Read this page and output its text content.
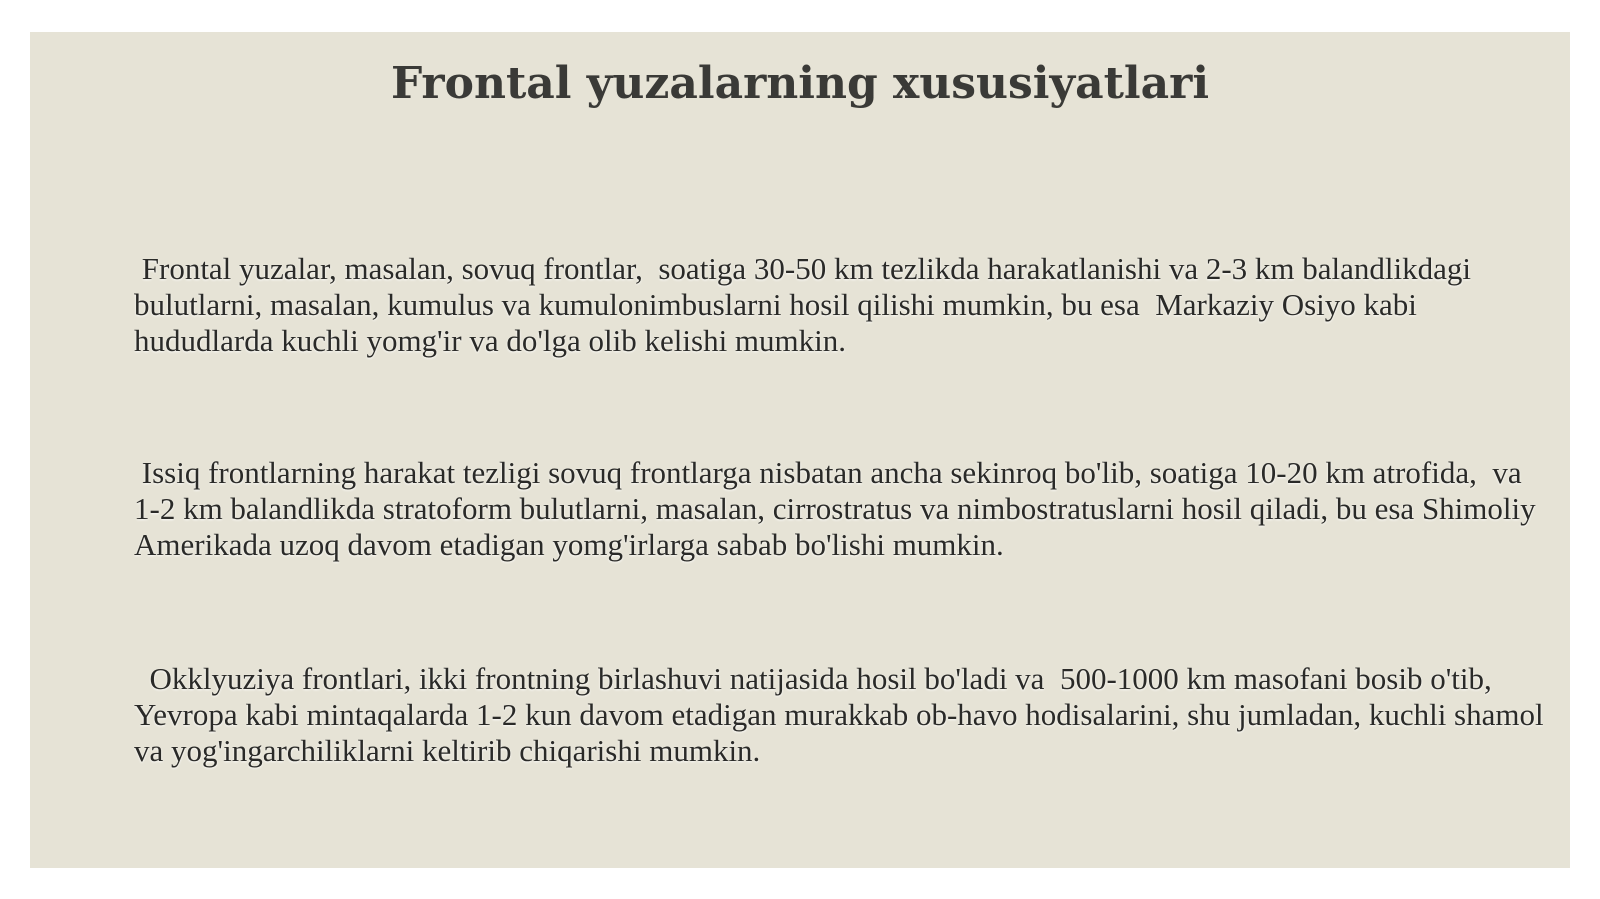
Frontal yuzalarning xususiyatlari

Frontal yuzalar, masalan, sovuq frontlar,  soatiga 30-50 km tezlikda harakatlanishi va 2-3 km balandlikdagi bulutlarni, masalan, kumulus va kumulonimbuslarni hosil qilishi mumkin, bu esa  Markaziy Osiyo kabi hududlarda kuchli yomg'ir va do'lga olib kelishi mumkin.

Issiq frontlarning harakat tezligi sovuq frontlarga nisbatan ancha sekinroq bo'lib, soatiga 10-20 km atrofida,  va 1-2 km balandlikda stratoform bulutlarni, masalan, cirrostratus va nimbostratuslarni hosil qiladi, bu esa Shimoliy Amerikada uzoq davom etadigan yomg'irlarga sabab bo'lishi mumkin.

Okklyuziya frontlari, ikki frontning birlashuvi natijasida hosil bo'ladi va  500-1000 km masofani bosib o'tib,  Yevropa kabi mintaqalarda 1-2 kun davom etadigan murakkab ob-havo hodisalarini, shu jumladan, kuchli shamol va yog'ingarchiliklarni keltirib chiqarishi mumkin.
